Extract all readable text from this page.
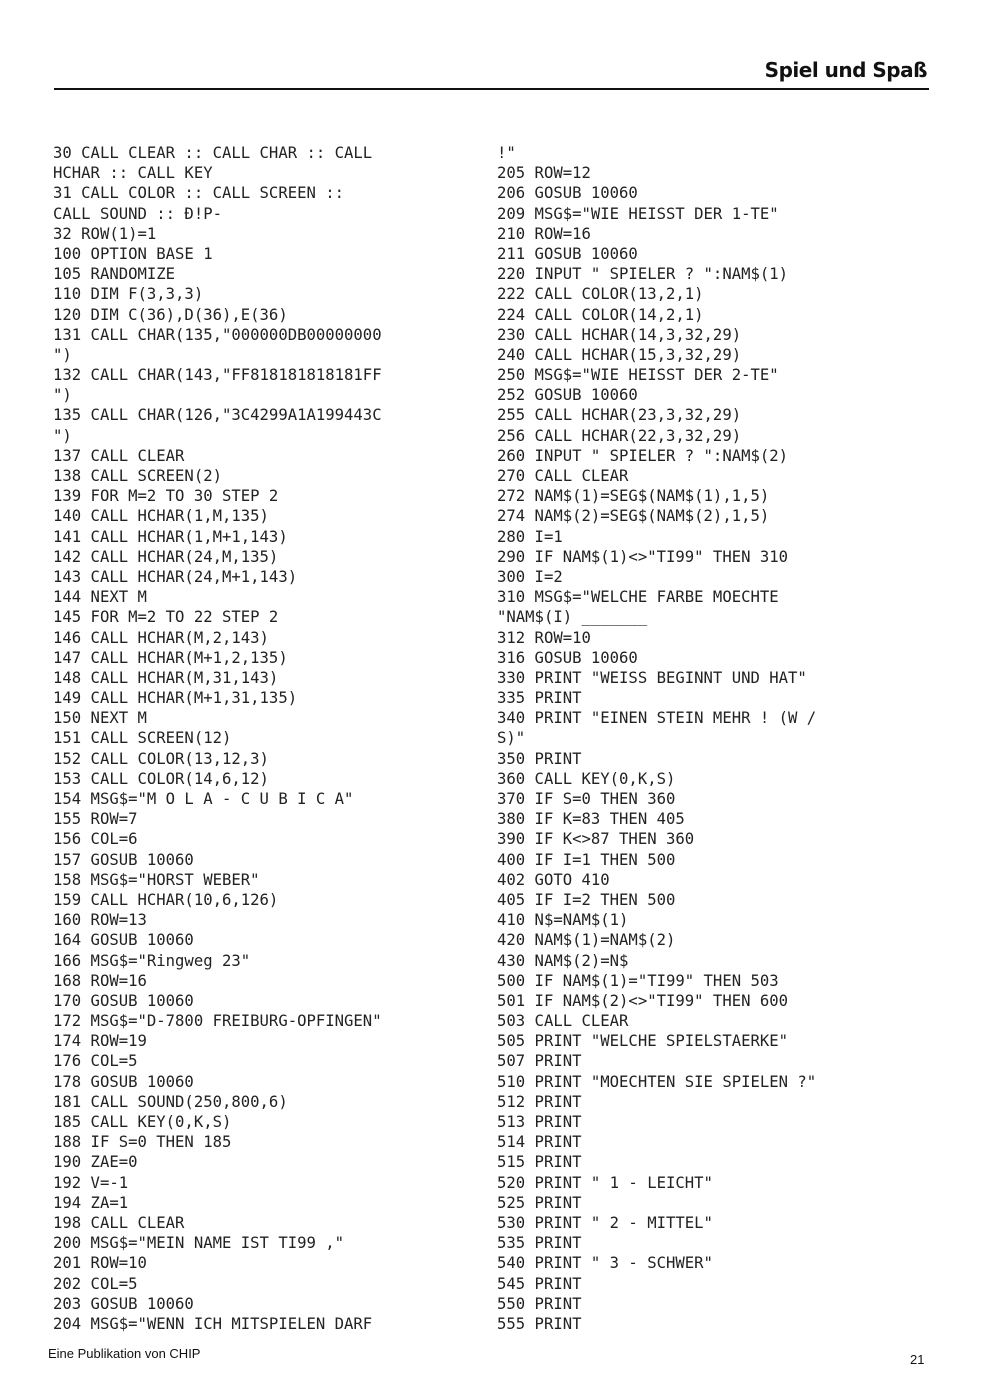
Spiel und Spaß
30 CALL CLEAR :: CALL CHAR :: CALL
HCHAR :: CALL KEY
31 CALL COLOR :: CALL SCREEN ::
CALL SOUND :: Ð!P-
32 ROW(1)=1
100 OPTION BASE 1
105 RANDOMIZE
110 DIM F(3,3,3)
120 DIM C(36),D(36),E(36)
131 CALL CHAR(135,"000000DB00000000
")
132 CALL CHAR(143,"FF818181818181FF
")
135 CALL CHAR(126,"3C4299A1A199443C
")
137 CALL CLEAR
138 CALL SCREEN(2)
139 FOR M=2 TO 30 STEP 2
140 CALL HCHAR(1,M,135)
141 CALL HCHAR(1,M+1,143)
142 CALL HCHAR(24,M,135)
143 CALL HCHAR(24,M+1,143)
144 NEXT M
145 FOR M=2 TO 22 STEP 2
146 CALL HCHAR(M,2,143)
147 CALL HCHAR(M+1,2,135)
148 CALL HCHAR(M,31,143)
149 CALL HCHAR(M+1,31,135)
150 NEXT M
151 CALL SCREEN(12)
152 CALL COLOR(13,12,3)
153 CALL COLOR(14,6,12)
154 MSG$="M O L A - C U B I C A"
155 ROW=7
156 COL=6
157 GOSUB 10060
158 MSG$="HORST WEBER"
159 CALL HCHAR(10,6,126)
160 ROW=13
164 GOSUB 10060
166 MSG$="Ringweg 23"
168 ROW=16
170 GOSUB 10060
172 MSG$="D-7800 FREIBURG-OPFINGEN"
174 ROW=19
176 COL=5
178 GOSUB 10060
181 CALL SOUND(250,800,6)
185 CALL KEY(0,K,S)
188 IF S=0 THEN 185
190 ZAE=0
192 V=-1
194 ZA=1
198 CALL CLEAR
200 MSG$="MEIN NAME IST TI99 ,"
201 ROW=10
202 COL=5
203 GOSUB 10060
204 MSG$="WENN ICH MITSPIELEN DARF
!"
205 ROW=12
206 GOSUB 10060
209 MSG$="WIE HEISST DER 1-TE"
210 ROW=16
211 GOSUB 10060
220 INPUT " SPIELER ? ":NAM$(1)
222 CALL COLOR(13,2,1)
224 CALL COLOR(14,2,1)
230 CALL HCHAR(14,3,32,29)
240 CALL HCHAR(15,3,32,29)
250 MSG$="WIE HEISST DER 2-TE"
252 GOSUB 10060
255 CALL HCHAR(23,3,32,29)
256 CALL HCHAR(22,3,32,29)
260 INPUT " SPIELER ? ":NAM$(2)
270 CALL CLEAR
272 NAM$(1)=SEG$(NAM$(1),1,5)
274 NAM$(2)=SEG$(NAM$(2),1,5)
280 I=1
290 IF NAM$(1)<>"TI99" THEN 310
300 I=2
310 MSG$="WELCHE FARBE MOECHTE
"NAM$(I) _______
312 ROW=10
316 GOSUB 10060
330 PRINT "WEISS BEGINNT UND HAT"
335 PRINT
340 PRINT "EINEN STEIN MEHR ! (W /
S)"
350 PRINT
360 CALL KEY(0,K,S)
370 IF S=0 THEN 360
380 IF K=83 THEN 405
390 IF K<>87 THEN 360
400 IF I=1 THEN 500
402 GOTO 410
405 IF I=2 THEN 500
410 N$=NAM$(1)
420 NAM$(1)=NAM$(2)
430 NAM$(2)=N$
500 IF NAM$(1)="TI99" THEN 503
501 IF NAM$(2)<>"TI99" THEN 600
503 CALL CLEAR
505 PRINT "WELCHE SPIELSTAERKE"
507 PRINT
510 PRINT "MOECHTEN SIE SPIELEN ?"
512 PRINT
513 PRINT
514 PRINT
515 PRINT
520 PRINT " 1 - LEICHT"
525 PRINT
530 PRINT " 2 - MITTEL"
535 PRINT
540 PRINT " 3 - SCHWER"
545 PRINT
550 PRINT
555 PRINT
Eine Publikation von CHIP	21
